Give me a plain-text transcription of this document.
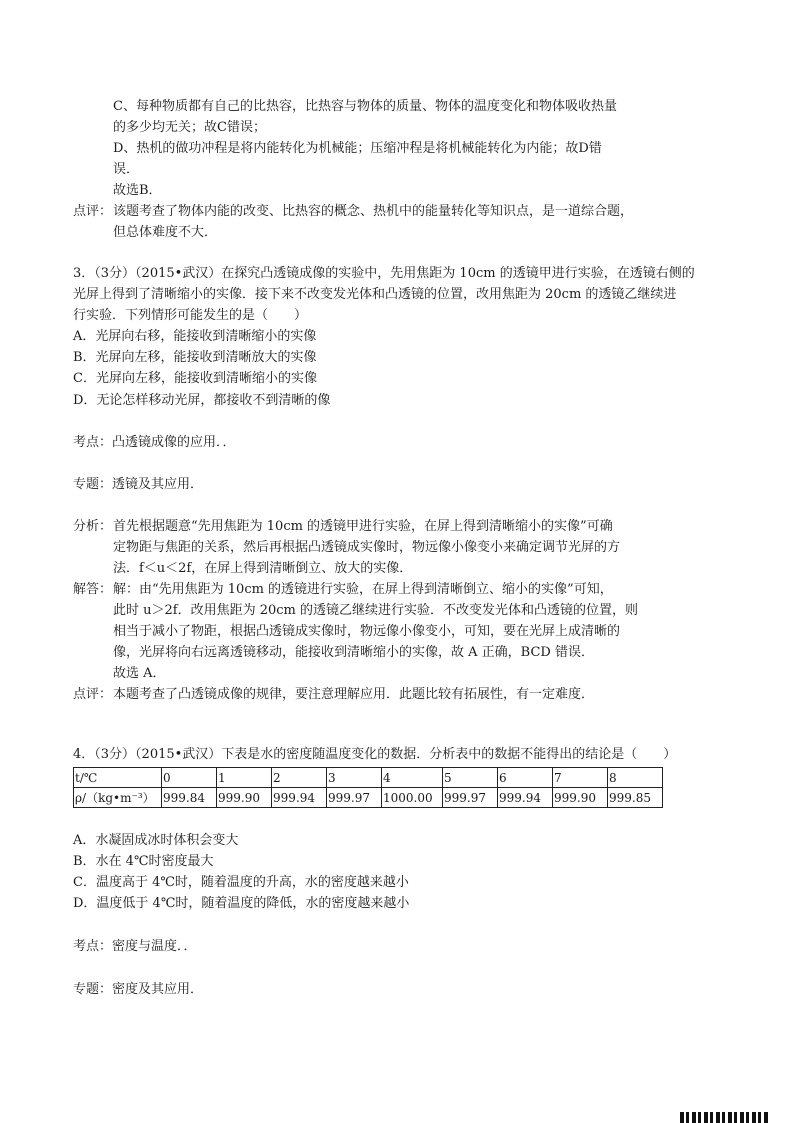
C、每种物质都有自己的比热容，比热容与物体的质量、物体的温度变化和物体吸收热量
的多少均无关；故C错误；
D、热机的做功冲程是将内能转化为机械能；压缩冲程是将机械能转化为内能；故D错
误．
故选B．
点评： 该题考查了物体内能的改变、比热容的概念、热机中的能量转化等知识点，是一道综合题，
但总体难度不大．
3．（3分）（2015•武汉）在探究凸透镜成像的实验中，先用焦距为 10cm 的透镜甲进行实验，在透镜右侧的
光屏上得到了清晰缩小的实像．接下来不改变发光体和凸透镜的位置，改用焦距为 20cm 的透镜乙继续进
行实验．下列情形可能发生的是（　　）
A．光屏向右移，能接收到清晰缩小的实像
B．光屏向左移，能接收到清晰放大的实像
C．光屏向左移，能接收到清晰缩小的实像
D．无论怎样移动光屏，都接收不到清晰的像
考点：凸透镜成像的应用．．
专题：透镜及其应用．
分析： 首先根据题意“先用焦距为 10cm 的透镜甲进行实验，在屏上得到清晰缩小的实像”可确
定物距与焦距的关系，然后再根据凸透镜成实像时，物远像小像变小来确定调节光屏的方
法．f＜u＜2f，在屏上得到清晰倒立、放大的实像．
解答： 解：由“先用焦距为 10cm 的透镜进行实验，在屏上得到清晰倒立、缩小的实像”可知，
此时 u＞2f．改用焦距为 20cm 的透镜乙继续进行实验．不改变发光体和凸透镜的位置，则
相当于减小了物距，根据凸透镜成实像时，物远像小像变小，可知，要在光屏上成清晰的
像，光屏将向右远离透镜移动，能接收到清晰缩小的实像，故 A 正确，BCD 错误．
故选 A．
点评： 本题考查了凸透镜成像的规律，要注意理解应用．此题比较有拓展性，有一定难度．
4．（3分）（2015•武汉）下表是水的密度随温度变化的数据．分析表中的数据不能得出的结论是（　　）
t/℃	0	1	2	3	4	5	6	7	8
ρ/（kg•m⁻³）	999.84	999.90	999.94	999.97	1000.00	999.97	999.94	999.90	999.85
A．水凝固成冰时体积会变大
B．水在 4℃时密度最大
C．温度高于 4℃时，随着温度的升高，水的密度越来越小
D．温度低于 4℃时，随着温度的降低，水的密度越来越小
考点：密度与温度．．
专题：密度及其应用．
